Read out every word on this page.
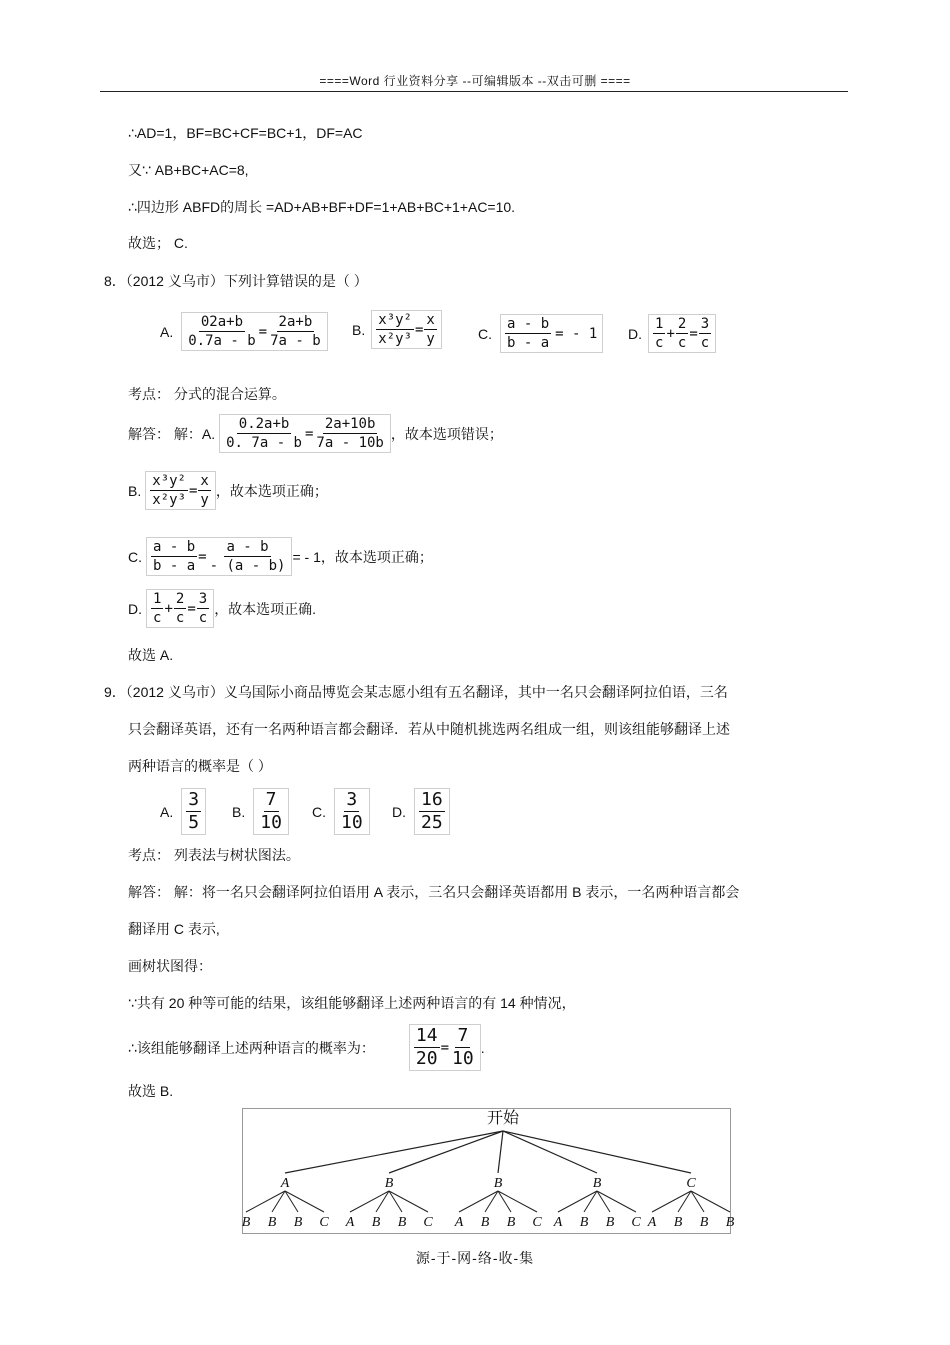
====Word 行业资料分享 --可编辑版本 --双击可删 ====
∴AD=1，BF=BC+CF=BC+1，DF=AC
又∵ AB+BC+AC=8,
∴四边形 ABFD的周长 =AD+AB+BF+DF=1+AB+BC+1+AC=10.
故选； C.
8．（2012 义乌市）下列计算错误的是（ ）
A. $\frac{02a+b}{0.7a - b} = \frac{2a+b}{7a - b} B$. $\frac{\text{x³y²}}{\text{x²y³}} = \frac{x}{y}$	C. $\frac{a - b}{b - a}$ = - 1 D. $\frac{1}{c} + \frac{2}{c} = \frac{3}{c}$
考点： 分式的混合运算。
解答： 解：A. $\frac{0.2a+b}{0. 7a - b} = \frac{2a+10b}{7a - 10b}$ ，故本选项错误；
B. $\frac{\text{x³y²}}{\text{x²y³}} = \frac{x}{y}$ ，故本选项正确；
C. $\frac{a - b}{b - a} = \frac{a - b}{- (a - b)}$ = - 1，故本选项正确；
D. $\frac{1}{c} + \frac{2}{c} = \frac{3}{c}$ ，故本选项正确.
故选 A.
9．（2012 义乌市）义乌国际小商品博览会某志愿小组有五名翻译，其中一名只会翻译阿拉伯语，三名
只会翻译英语，还有一名两种语言都会翻译．若从中随机挑选两名组成一组，则该组能够翻译上述
两种语言的概率是（ ）
A. $\frac{3}{5} B$. $\frac{7}{10} C$. $\frac{3}{10} D$. $\frac{16}{25}$
考点： 列表法与树状图法。
解答： 解：将一名只会翻译阿拉伯语用 A 表示，三名只会翻译英语都用 B 表示，一名两种语言都会
翻译用 C 表示,
画树状图得：
∵共有 20 种等可能的结果，该组能够翻译上述两种语言的有 14 种情况，
∴该组能够翻译上述两种语言的概率为： $\frac{14}{20} = \frac{7}{10}$ .
故选 B.
开始
A
B B B C
B
A B B C
B
A B B C
B
A B B C
C
A B B B
源-于-网-络-收-集
